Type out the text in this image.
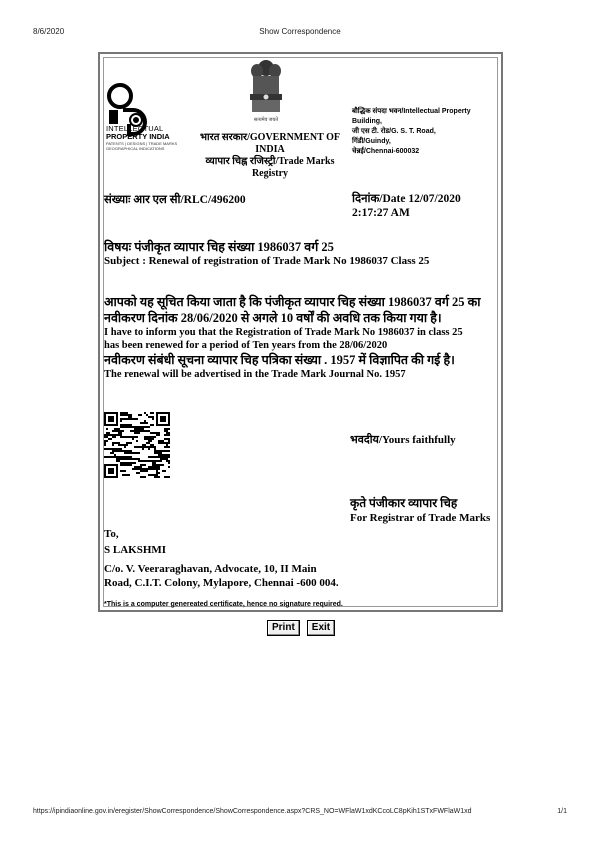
8/6/2020	Show Correspondence
INTELLECTUAL
PROPERTY INDIA
PATENTS | DESIGNS | TRADE MARKS GEOGRAPHICAL INDICATIONS
सत्यमेव जयते
भारत सरकार/GOVERNMENT OF
INDIA
व्यापार चिह्न रजिस्ट्री/Trade Marks
Registry
बौद्धिक संपदा भवन/Intellectual Property
Building,
जी एस टी. रोड/G. S. T. Road,
गिंडी/Guindy,
चेन्नई/Chennai-600032
संख्याः आर एल सी/RLC/496200	दिनांक/Date 12/07/2020
2:17:27 AM
विषयः पंजीकृत व्यापार चिह संख्या 1986037 वर्ग 25
Subject : Renewal of registration of Trade Mark No 1986037 Class 25
आपको यह सूचित किया जाता है कि पंजीकृत व्यापार चिह संख्या 1986037 वर्ग 25 का
नवीकरण दिनांक 28/06/2020 से अगले 10 वर्षों की अवधि तक किया गया है।
I have to inform you that the Registration of Trade Mark No 1986037 in class 25
has been renewed for a period of Ten years from the 28/06/2020
नवीकरण संबंधी सूचना व्यापार चिह पत्रिका संख्या . 1957 में विज्ञापित की गई है।
The renewal will be advertised in the Trade Mark Journal No. 1957
भवदीय/Yours faithfully
कृते पंजीकार व्यापार चिह
For Registrar of Trade Marks
To,
S LAKSHMI
C/o. V. Veeraraghavan, Advocate, 10, II Main Road, C.I.T. Colony, Mylapore, Chennai -600 004.
*This is a computer genereated certificate, hence no signature required.
Print Exit
https://ipindiaonline.gov.in/eregister/ShowCorrespondence/ShowCorrespondence.aspx?CRS_NO=WFlaW1xdKCcoLC8pKih1STxFWFlaW1xd	1/1
